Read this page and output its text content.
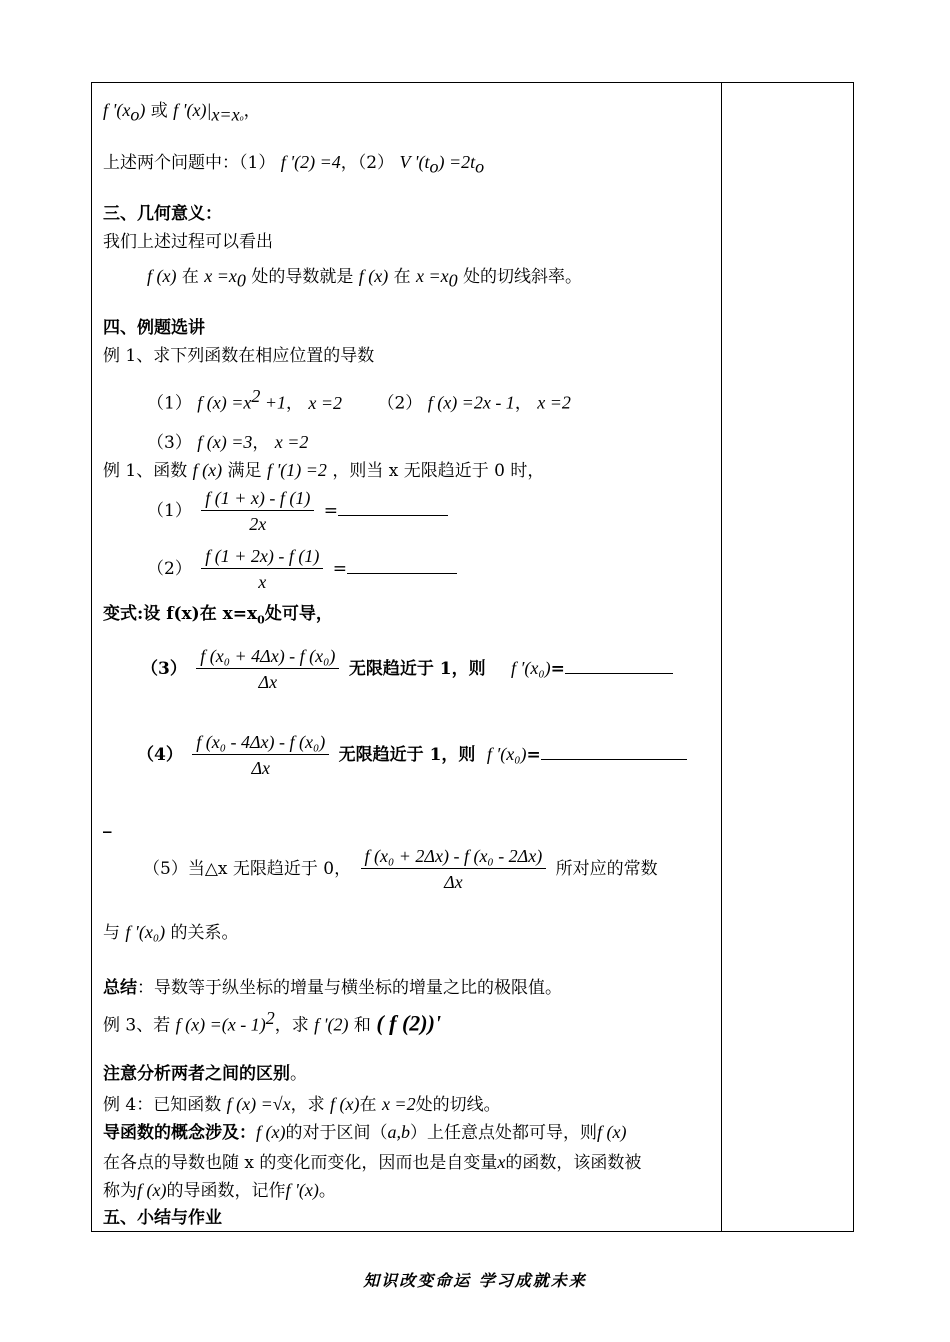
f '$(x_o)$ 或 f '$(x)|_{x=xo}$，
上述两个问题中：（1） f '(2) =4，（2） V '$(t_o) =2t_o$
三、几何意义：
我们上述过程可以看出
f (x) 在 $x =x_0$ 处的导数就是 f (x) 在 $x =x_0$ 处的切线斜率。
四、例题选讲
例 1、求下列函数在相应位置的导数
（1） f $(x) =x^2 +1$， x =2 （2） f (x) =2x - 1， x =2
（3） f (x) =3， x =2
例 1、函数 f (x) 满足 f '(1) =2 ，则当 x 无限趋近于 0 时，
$(1) \frac{f (1 + x) - f (1)}{2x}$ =
$(2) \frac{f (1 + 2x) - f (1)}{x}$ =
变式:设 f(x)在 $x=x_0$处可导，
$(3) \frac{\text{f (x₀ + 4Δx) - f (x₀)}}{\Delta x}$ 无限趋近于 1，则 f ′(x₀)=
$(4) \frac{\text{f (x₀ - 4Δx) - f (x₀)}}{\Delta x}$ 无限趋近于 1，则 f ′(x₀)=
_
（5）当△x 无限趋近于 0， $\frac{\text{f (x₀ + 2Δx) - f (x₀ - 2Δx)}}{\Delta x}$ 所对应的常数
与 f ′(x₀) 的关系。
总结：导数等于纵坐标的增量与横坐标的增量之比的极限值。
例 3、若 f (x) =(x - 1)$^2$，求 f '(2) 和 ( f (2))'
注意分析两者之间的区别。
例 4：已知函数 f (x) =√x，求 f (x)在 x =2处的切线。
导函数的概念涉及：f (x)的对于区间（a,b）上任意点处都可导，则f (x)
在各点的导数也随 x 的变化而变化，因而也是自变量x的函数，该函数被
称为f (x)的导函数，记作f '(x)。
五、小结与作业
知识改变命运 学习成就未来
